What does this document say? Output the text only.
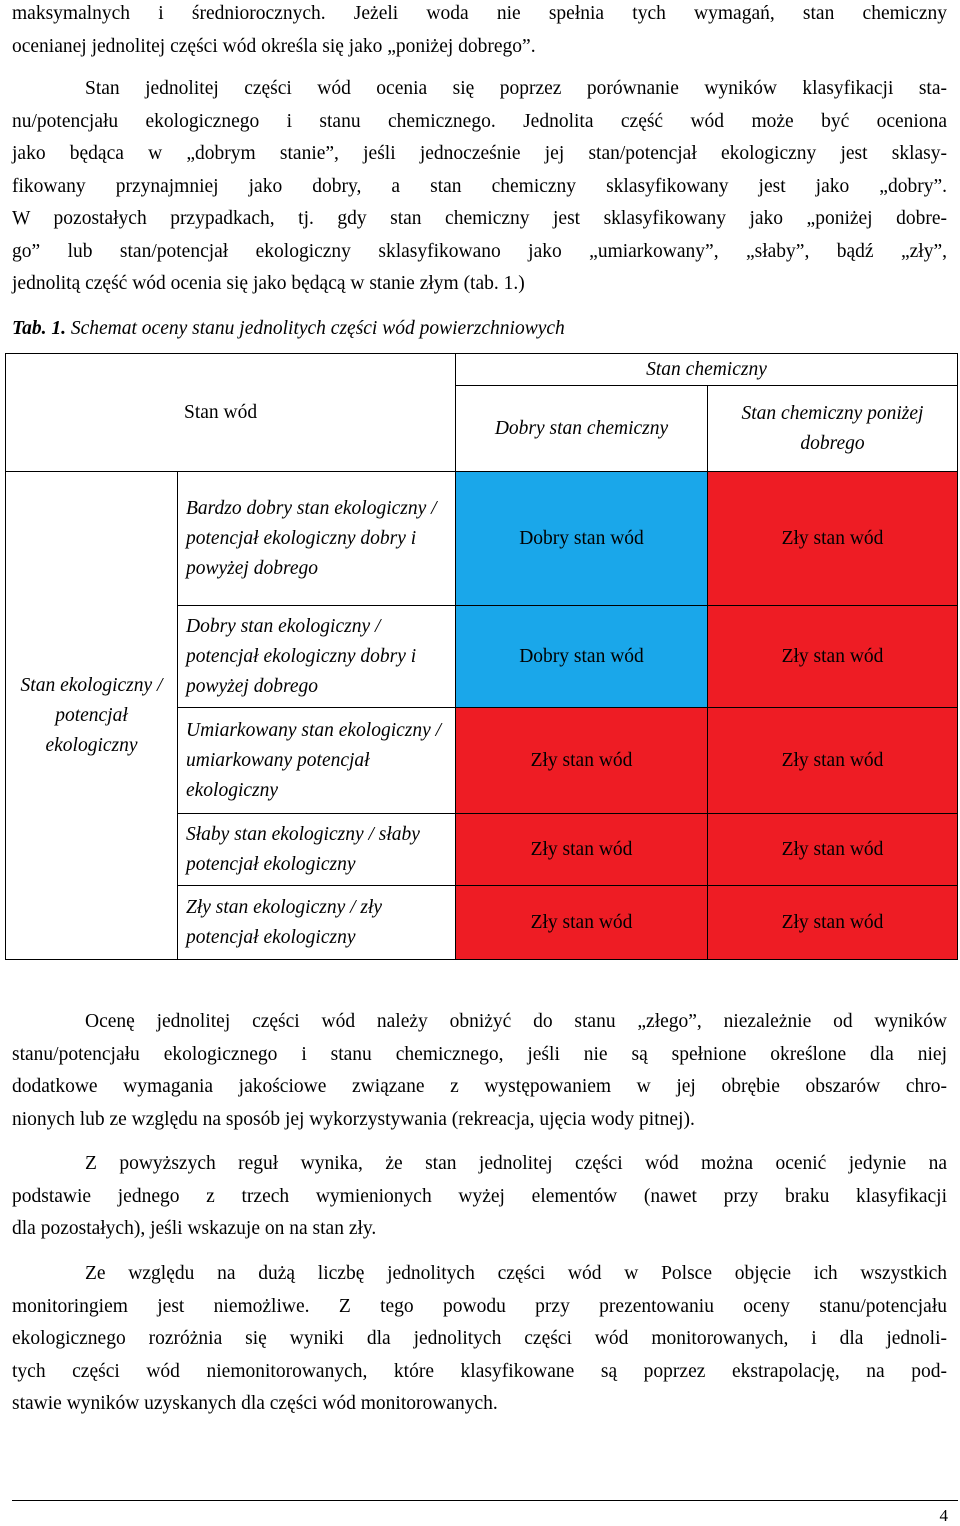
maksymalnych i średniorocznych. Jeżeli woda nie spełnia tych wymagań, stan chemiczny
ocenianej jednolitej części wód określa się jako „poniżej dobrego”.
Stan jednolitej części wód ocenia się poprzez porównanie wyników klasyfikacji sta-
nu/potencjału ekologicznego i stanu chemicznego. Jednolita część wód może być oceniona
jako będąca w „dobrym stanie”, jeśli jednocześnie jej stan/potencjał ekologiczny jest sklasy-
fikowany przynajmniej jako dobry, a stan chemiczny sklasyfikowany jest jako „dobry”.
W pozostałych przypadkach, tj. gdy stan chemiczny jest sklasyfikowany jako „poniżej dobre-
go” lub stan/potencjał ekologiczny sklasyfikowano jako „umiarkowany”, „słaby”, bądź „zły”,
jednolitą część wód ocenia się jako będącą w stanie złym (tab. 1.)
Tab. 1. Schemat oceny stanu jednolitych części wód powierzchniowych
Stan wód		Stan chemiczny	
		Dobry stan chemiczny	Stan chemiczny poniżej dobrego
Stan ekologiczny / potencjał ekologiczny	Bardzo dobry stan ekologiczny / potencjał ekologiczny dobry i powyżej dobrego	Dobry stan wód	Zły stan wód
	Dobry stan ekologiczny / potencjał ekologiczny dobry i powyżej dobrego	Dobry stan wód	Zły stan wód
	Umiarkowany stan ekologiczny / umiarkowany potencjał ekologiczny	Zły stan wód	Zły stan wód
	Słaby stan ekologiczny / słaby potencjał ekologiczny	Zły stan wód	Zły stan wód
	Zły stan ekologiczny / zły potencjał ekologiczny	Zły stan wód	Zły stan wód
Ocenę jednolitej części wód należy obniżyć do stanu „złego”, niezależnie od wyników
stanu/potencjału ekologicznego i stanu chemicznego, jeśli nie są spełnione określone dla niej
dodatkowe wymagania jakościowe związane z występowaniem w jej obrębie obszarów chro-
nionych lub ze względu na sposób jej wykorzystywania (rekreacja, ujęcia wody pitnej).
Z powyższych reguł wynika, że stan jednolitej części wód można ocenić jedynie na
podstawie jednego z trzech wymienionych wyżej elementów (nawet przy braku klasyfikacji
dla pozostałych), jeśli wskazuje on na stan zły.
Ze względu na dużą liczbę jednolitych części wód w Polsce objęcie ich wszystkich
monitoringiem jest niemożliwe. Z tego powodu przy prezentowaniu oceny stanu/potencjału
ekologicznego rozróżnia się wyniki dla jednolitych części wód monitorowanych, i dla jednoli-
tych części wód niemonitorowanych, które klasyfikowane są poprzez ekstrapolację, na pod-
stawie wyników uzyskanych dla części wód monitorowanych.
4
